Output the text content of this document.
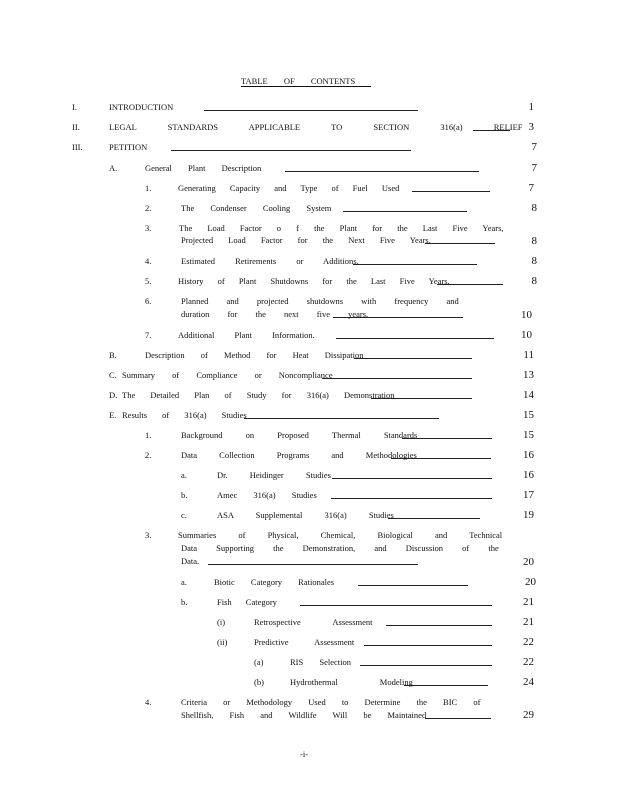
TABLE OF CONTENTS
I.	INTRODUCTION	1
II.	LEGAL STANDARDS APPLICABLE TO SECTION 316(a) RELIEF 3
III.	PETITION	7
A.	General Plant Description	7
1.	Generating Capacity and Type of Fuel Used	7
2.	The Condenser Cooling System	8
3.	The Load Factor o f the Plant for the Last Five Years,
Projected Load Factor for the Next Five Years.	8
4.	Estimated Retirements or Additions.	8
5.	History of Plant Shutdowns for the Last Five Years.	8
6.	Planned and projected shutdowns with frequency and
duration for the next five years.	10
7.	Additional Plant Information.	10
B.	Description of Method for Heat Dissipation	11
C. Summary of Compliance or Noncompliance	13
D. The Detailed Plan of Study for 316(a) Demonstration	14
E. Results of 316(a) Studies	15
1.	Background on Proposed Thermal Standards	15
2.	Data Collection Programs and Methodologies	16
a.	Dr. Heidinger Studies	16
b.	Amec 316(a) Studies	17
c.	ASA Supplemental 316(a) Studies	19
3.	Summaries of Physical, Chemical, Biological and Technical
Data Supporting the Demonstration, and Discussion of the
Data.	20
a.	Biotic Category Rationales	20
b.	Fish Category	21
(i)	Retrospective Assessment	21
(ii)	Predictive Assessment	22
(a)	RIS Selection	22
(b)	Hydrothermal Modeling	24
4.	Criteria or Methodology Used to Determine the BIC of
Shellfish, Fish and Wildlife Will be Maintained	29
-i-
